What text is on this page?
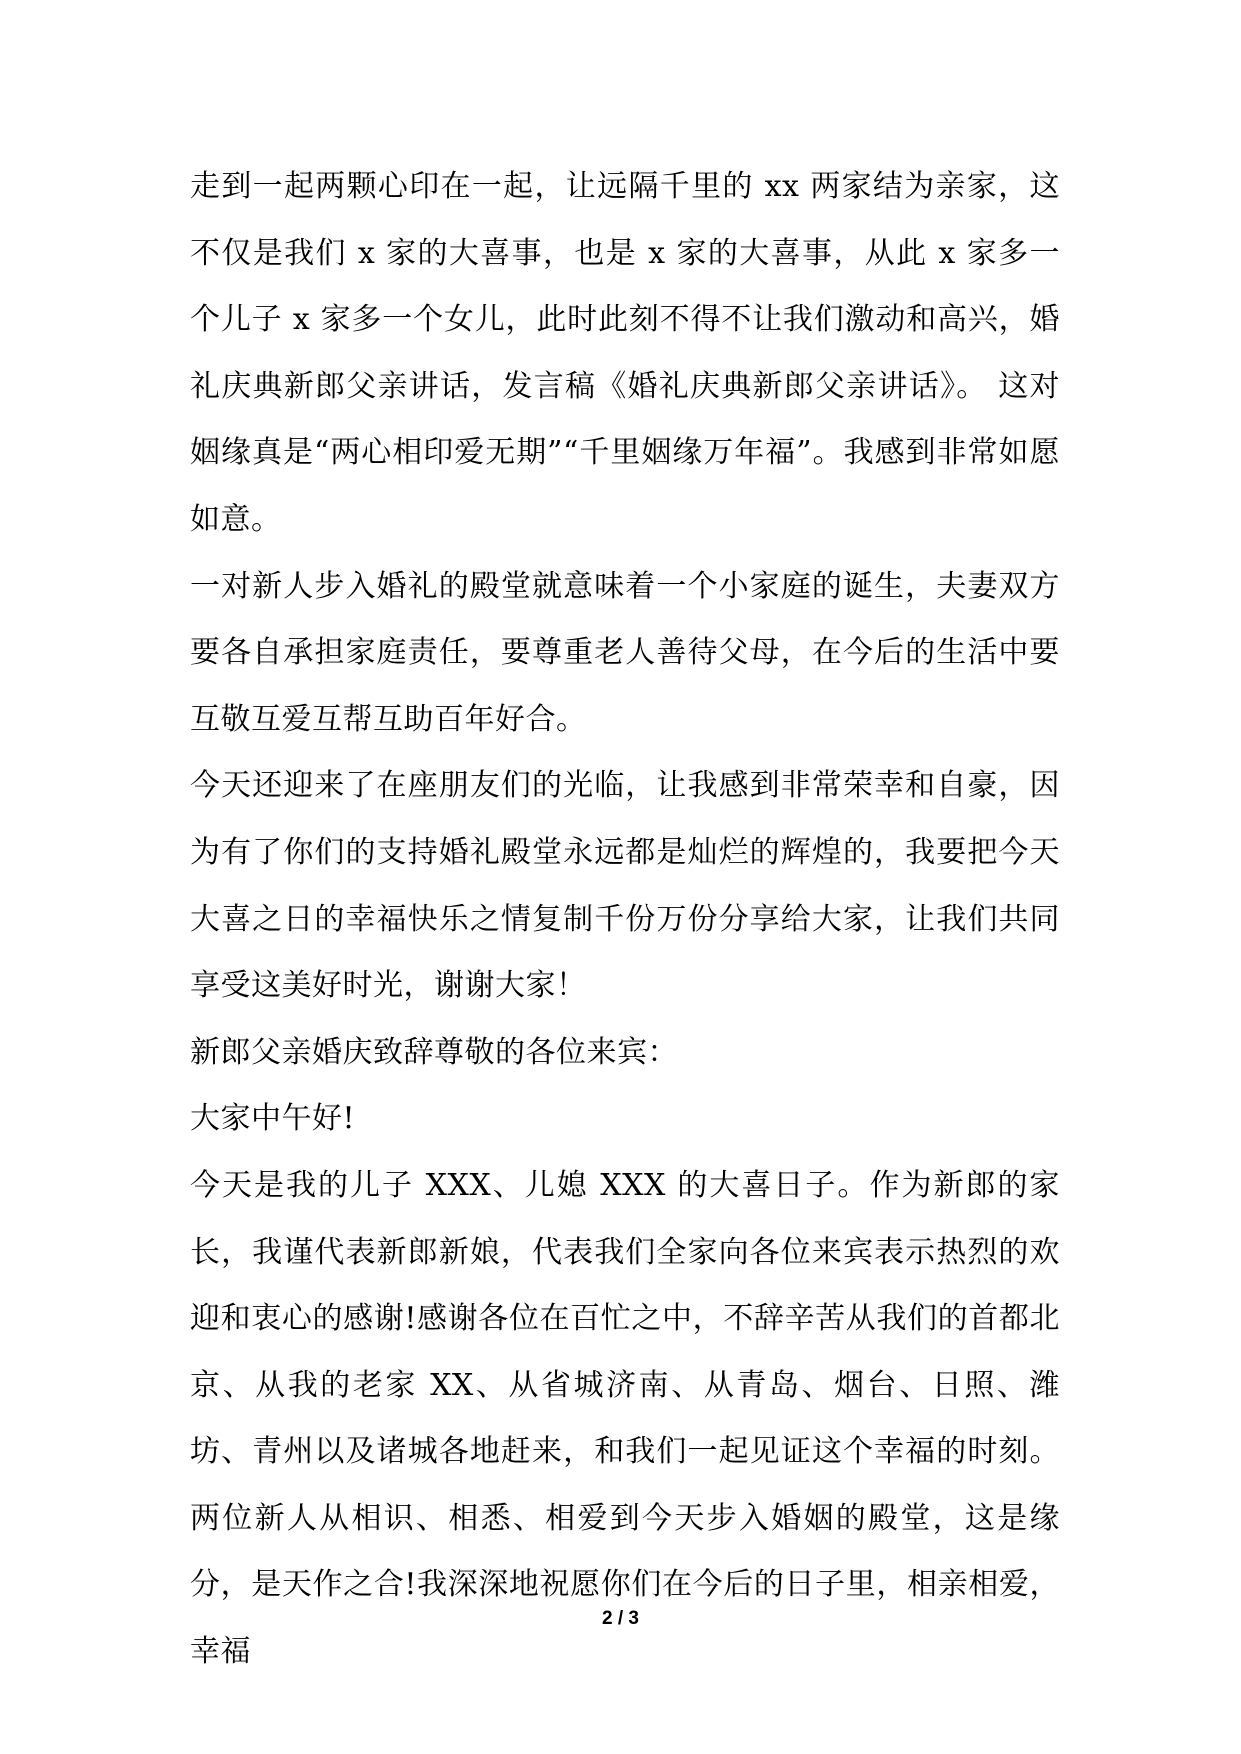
走到一起两颗心印在一起，让远隔千里的 xx 两家结为亲家，这不仅是我们 x 家的大喜事，也是 x 家的大喜事，从此 x 家多一个儿子 x 家多一个女儿，此时此刻不得不让我们激动和高兴，婚礼庆典新郎父亲讲话，发言稿《婚礼庆典新郎父亲讲话》。 这对姻缘真是“两心相印爱无期”“千里姻缘万年福”。我感到非常如愿如意。

一对新人步入婚礼的殿堂就意味着一个小家庭的诞生，夫妻双方要各自承担家庭责任，要尊重老人善待父母，在今后的生活中要互敬互爱互帮互助百年好合。

今天还迎来了在座朋友们的光临，让我感到非常荣幸和自豪，因为有了你们的支持婚礼殿堂永远都是灿烂的辉煌的，我要把今天大喜之日的幸福快乐之情复制千份万份分享给大家，让我们共同享受这美好时光，谢谢大家！

新郎父亲婚庆致辞尊敬的各位来宾：

大家中午好!

今天是我的儿子 XXX、儿媳 XXX 的大喜日子。作为新郎的家长，我谨代表新郎新娘，代表我们全家向各位来宾表示热烈的欢迎和衷心的感谢!感谢各位在百忙之中，不辞辛苦从我们的首都北京、从我的老家 XX、从省城济南、从青岛、烟台、日照、潍坊、青州以及诸城各地赶来，和我们一起见证这个幸福的时刻。 两位新人从相识、相悉、相爱到今天步入婚姻的殿堂，这是缘分，是天作之合!我深深地祝愿你们在今后的日子里，相亲相爱，幸福

2 / 3
